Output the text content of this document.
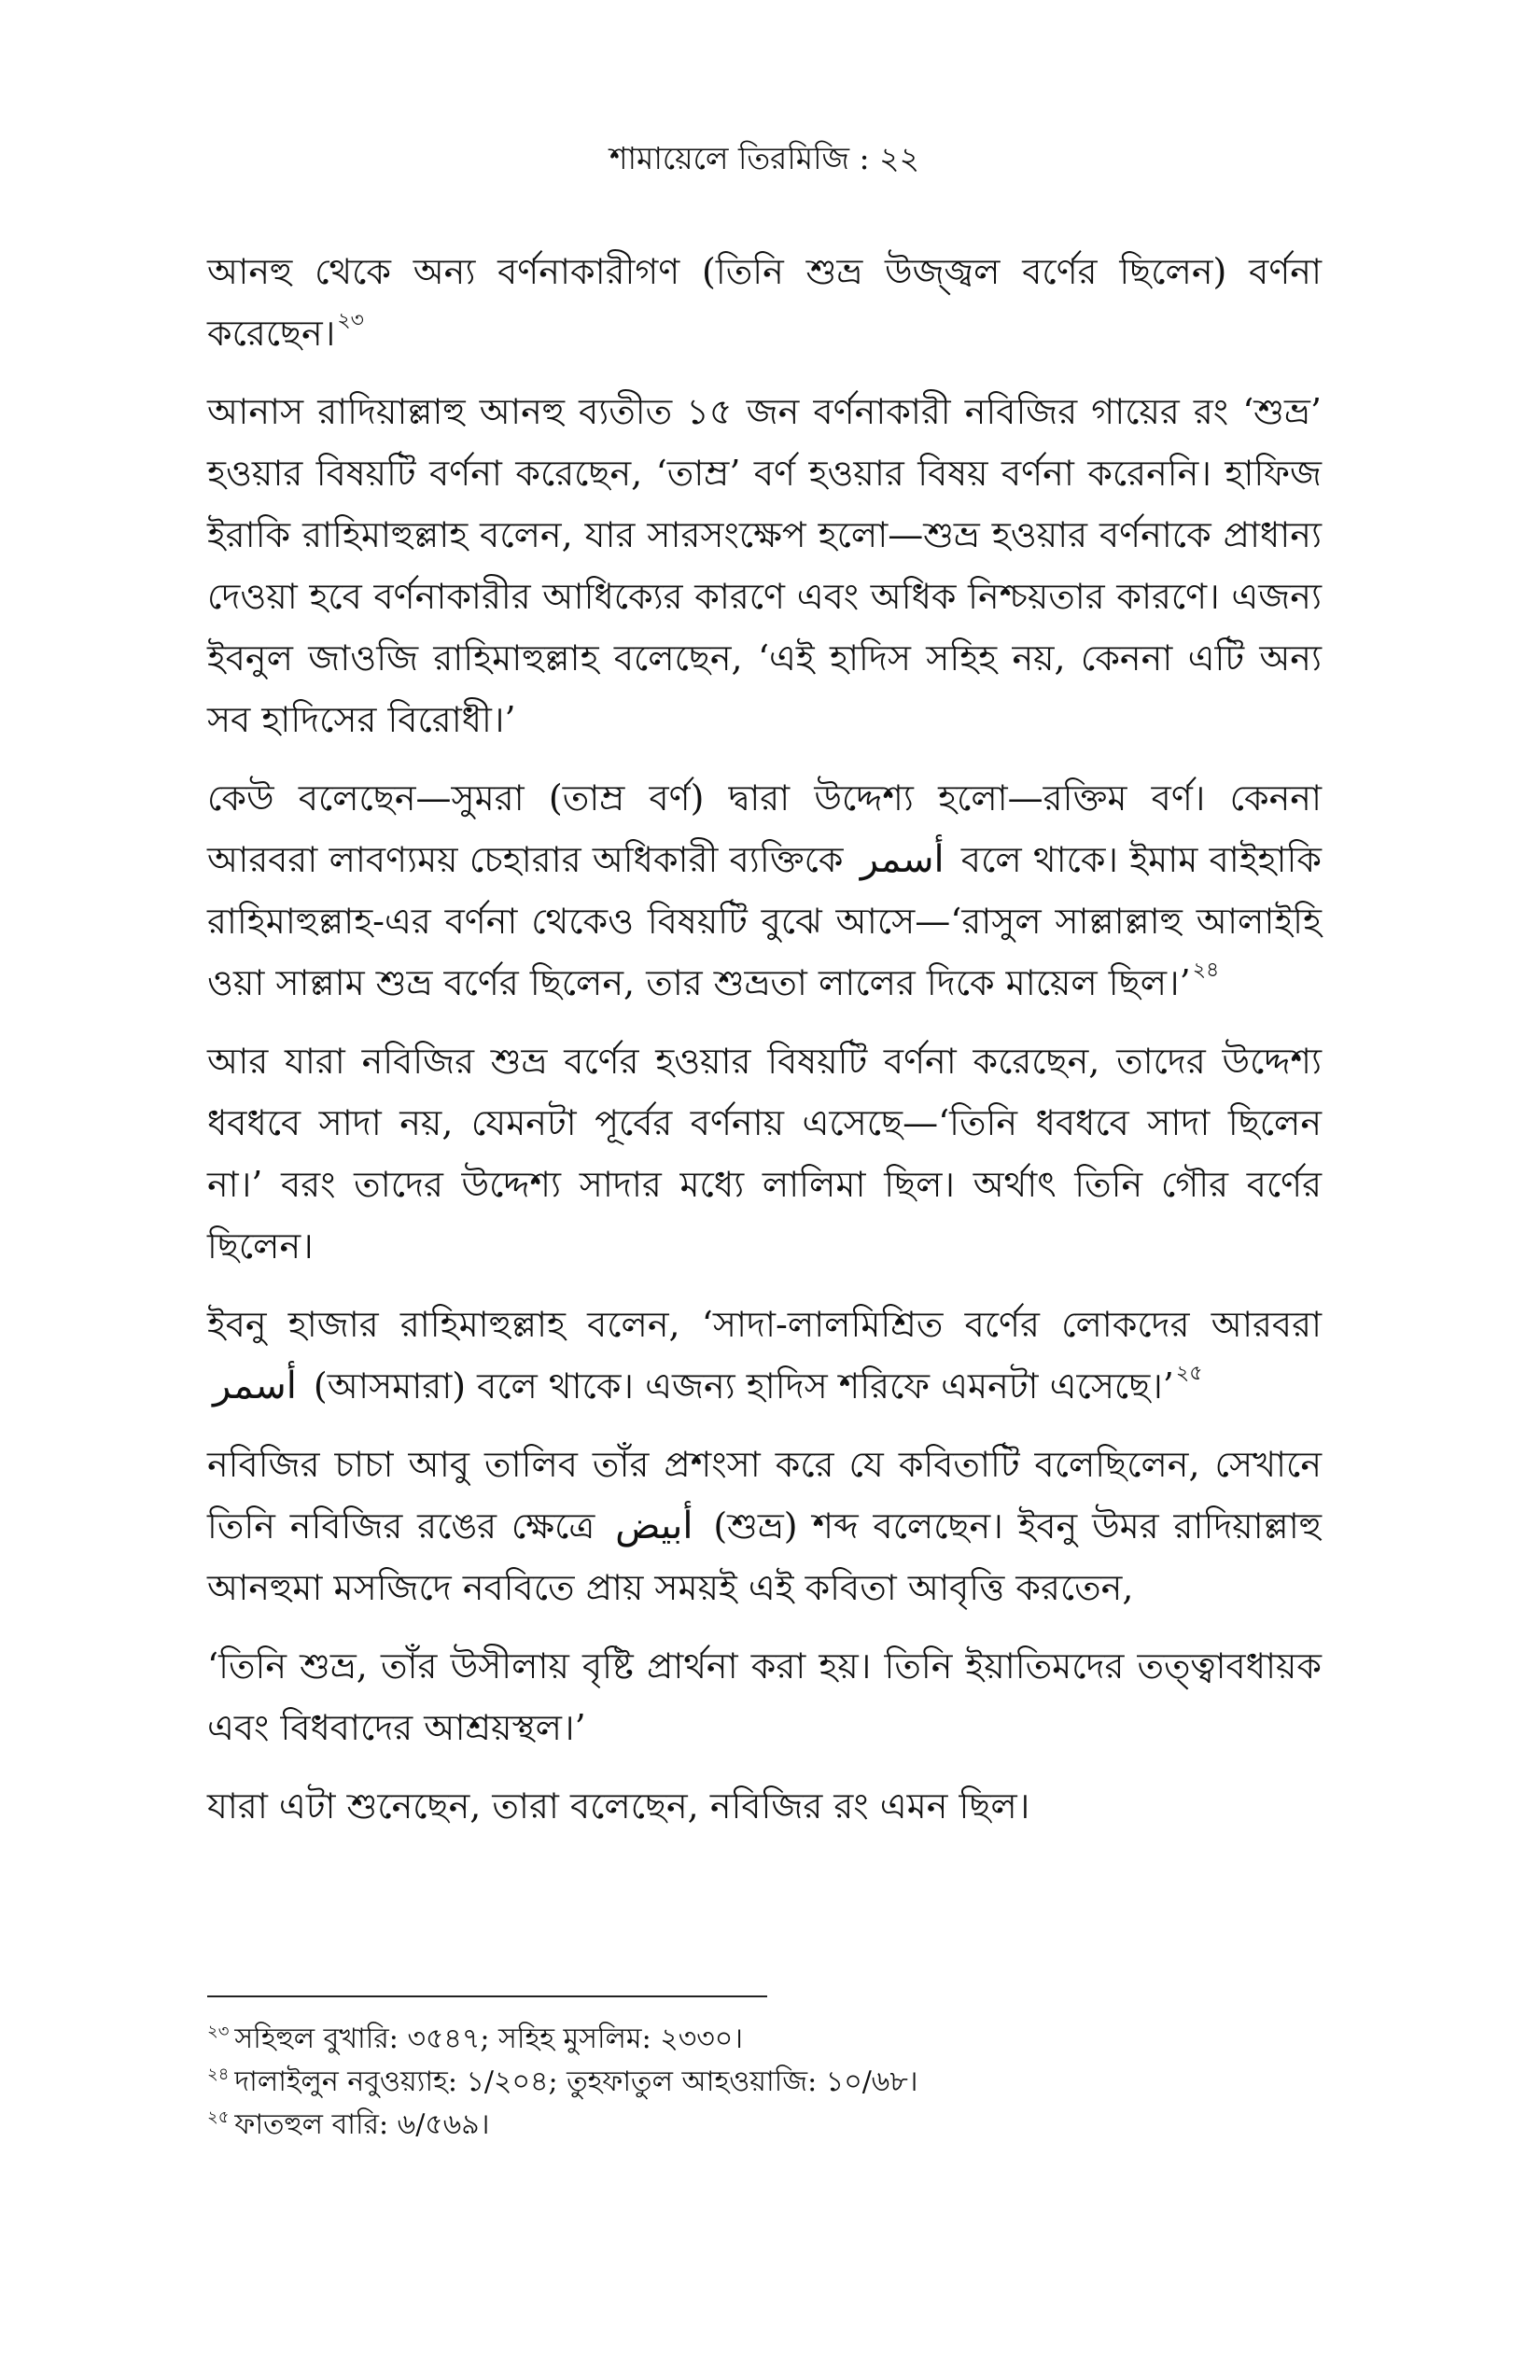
শামায়েলে তিরমিজি : ২২

আনহু থেকে অন্য বর্ণনাকারীগণ (তিনি শুভ্র উজ্জ্বল বর্ণের ছিলেন) বর্ণনা করেছেন।$^{২৩}$

আনাস রাদিয়াল্লাহু আনহু ব্যতীত ১৫ জন বর্ণনাকারী নবিজির গায়ের রং ‘শুভ্র’ হওয়ার বিষয়টি বর্ণনা করেছেন, ‘তাম্র’ বর্ণ হওয়ার বিষয় বর্ণনা করেননি। হাফিজ ইরাকি রাহিমাহুল্লাহ বলেন, যার সারসংক্ষেপ হলো—শুভ্র হওয়ার বর্ণনাকে প্রাধান্য দেওয়া হবে বর্ণনাকারীর আধিক্যের কারণে এবং অধিক নিশ্চয়তার কারণে। এজন্য ইবনুল জাওজি রাহিমাহুল্লাহ বলেছেন, ‘এই হাদিস সহিহ নয়, কেননা এটি অন্য সব হাদিসের বিরোধী।’

কেউ বলেছেন—সুমরা (তাম্র বর্ণ) দ্বারা উদ্দেশ্য হলো—রক্তিম বর্ণ। কেননা আরবরা লাবণ্যময় চেহারার অধিকারী ব্যক্তিকে أسمر বলে থাকে। ইমাম বাইহাকি রাহিমাহুল্লাহ-এর বর্ণনা থেকেও বিষয়টি বুঝে আসে—‘রাসুল সাল্লাল্লাহু আলাইহি ওয়া সাল্লাম শুভ্র বর্ণের ছিলেন, তার শুভ্রতা লালের দিকে মায়েল ছিল।’$^{২৪}$

আর যারা নবিজির শুভ্র বর্ণের হওয়ার বিষয়টি বর্ণনা করেছেন, তাদের উদ্দেশ্য ধবধবে সাদা নয়, যেমনটা পূর্বের বর্ণনায় এসেছে—‘তিনি ধবধবে সাদা ছিলেন না।’ বরং তাদের উদ্দেশ্য সাদার মধ্যে লালিমা ছিল। অর্থাৎ তিনি গৌর বর্ণের ছিলেন।

ইবনু হাজার রাহিমাহুল্লাহ বলেন, ‘সাদা-লালমিশ্রিত বর্ণের লোকদের আরবরা أسمر (আসমারা) বলে থাকে। এজন্য হাদিস শরিফে এমনটা এসেছে।’$^{২৫}$

নবিজির চাচা আবু তালিব তাঁর প্রশংসা করে যে কবিতাটি বলেছিলেন, সেখানে তিনি নবিজির রঙের ক্ষেত্রে أبيض (শুভ্র) শব্দ বলেছেন। ইবনু উমর রাদিয়াল্লাহু আনহুমা মসজিদে নববিতে প্রায় সময়ই এই কবিতা আবৃত্তি করতেন,

‘তিনি শুভ্র, তাঁর উসীলায় বৃষ্টি প্রার্থনা করা হয়। তিনি ইয়াতিমদের তত্ত্বাবধায়ক এবং বিধবাদের আশ্রয়স্থল।’

যারা এটা শুনেছেন, তারা বলেছেন, নবিজির রং এমন ছিল।

$^{২৩}$ সহিহুল বুখারি: ৩৫৪৭; সহিহ মুসলিম: ২৩৩০।

$^{২৪}$ দালাইলুন নবুওয়্যাহ: ১/২০৪; তুহফাতুল আহওয়াজি: ১০/৬৮।

$^{২৫}$ ফাতহুল বারি: ৬/৫৬৯।
